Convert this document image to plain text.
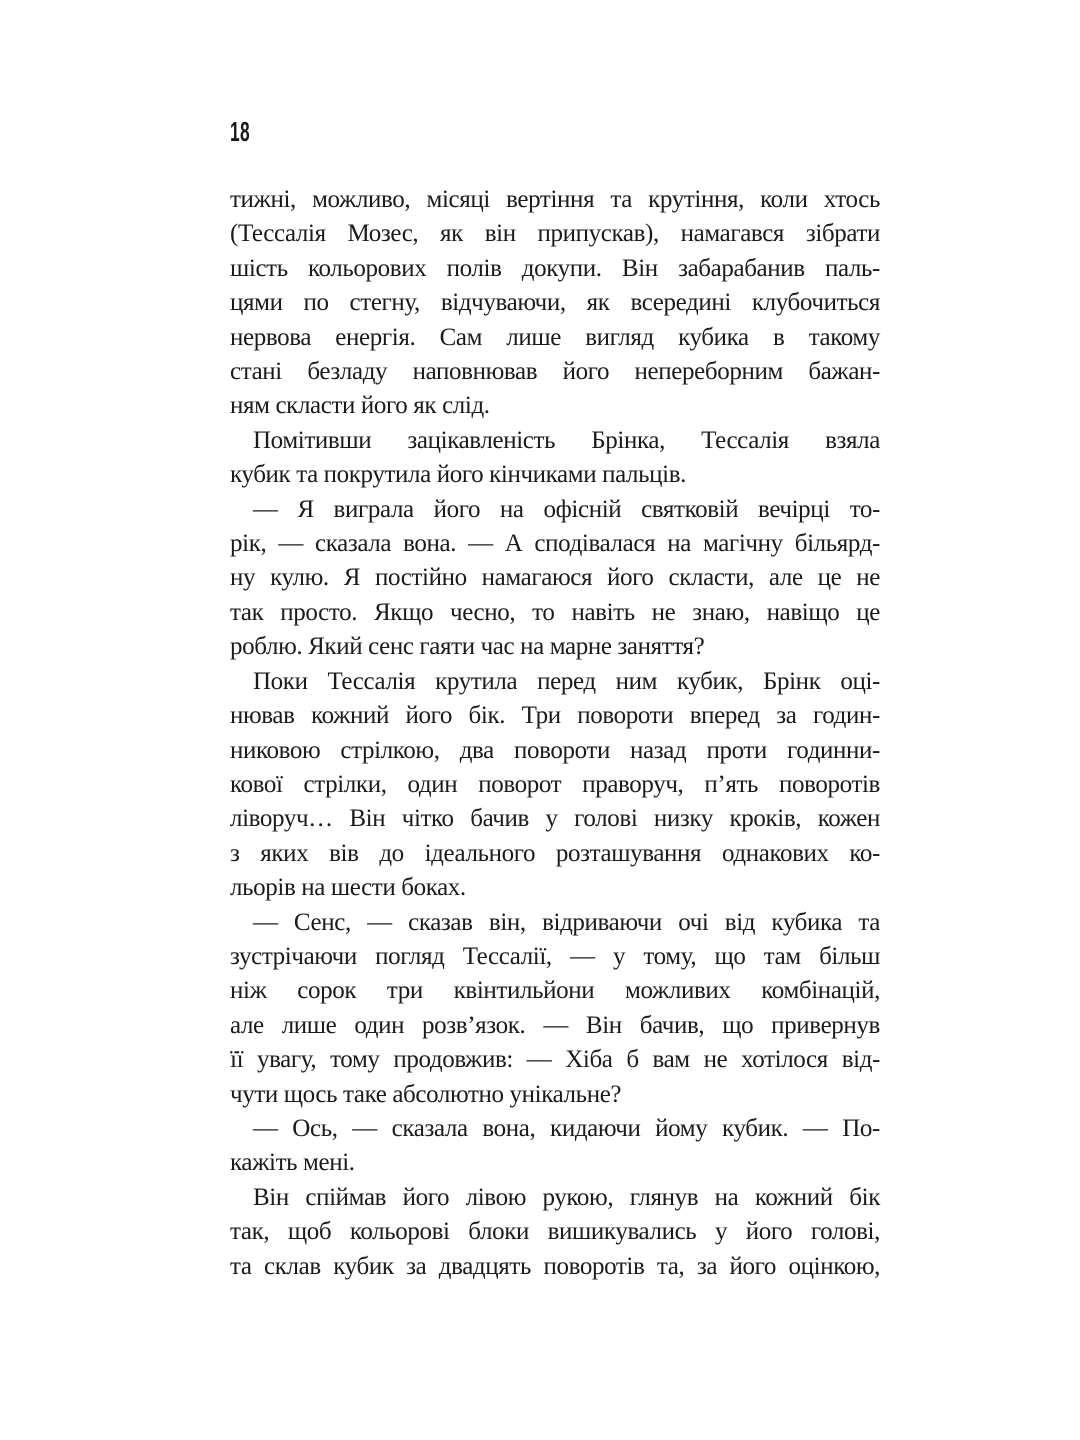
18
тижні, можливо, місяці вертіння та крутіння, коли хтось
(Тессалія Мозес, як він припускав), намагався зібрати
шість кольорових полів докупи. Він забарабанив паль-
цями по стегну, відчуваючи, як всередині клубочиться
нервова енергія. Сам лише вигляд кубика в такому
стані безладу наповнював його непереборним бажан-
ням скласти його як слід.
Помітивши зацікавленість Брінка, Тессалія взяла
кубик та покрутила його кінчиками пальців.
— Я виграла його на офісній святковій вечірці то-
рік, — сказала вона. — А сподівалася на магічну більярд-
ну кулю. Я постійно намагаюся його скласти, але це не
так просто. Якщо чесно, то навіть не знаю, навіщо це
роблю. Який сенс гаяти час на марне заняття?
Поки Тессалія крутила перед ним кубик, Брінк оці-
нював кожний його бік. Три повороти вперед за годин-
никовою стрілкою, два повороти назад проти годинни-
кової стрілки, один поворот праворуч, п’ять поворотів
ліворуч… Він чітко бачив у голові низку кроків, кожен
з яких вів до ідеального розташування однакових ко-
льорів на шести боках.
— Сенс, — сказав він, відриваючи очі від кубика та
зустрічаючи погляд Тессалії, — у тому, що там більш
ніж сорок три квінтильйони можливих комбінацій,
але лише один розв’язок. — Він бачив, що привернув
її увагу, тому продовжив: — Хіба б вам не хотілося від-
чути щось таке абсолютно унікальне?
— Ось, — сказала вона, кидаючи йому кубик. — По-
кажіть мені.
Він спіймав його лівою рукою, глянув на кожний бік
так, щоб кольорові блоки вишикувались у його голові,
та склав кубик за двадцять поворотів та, за його оцінкою,
